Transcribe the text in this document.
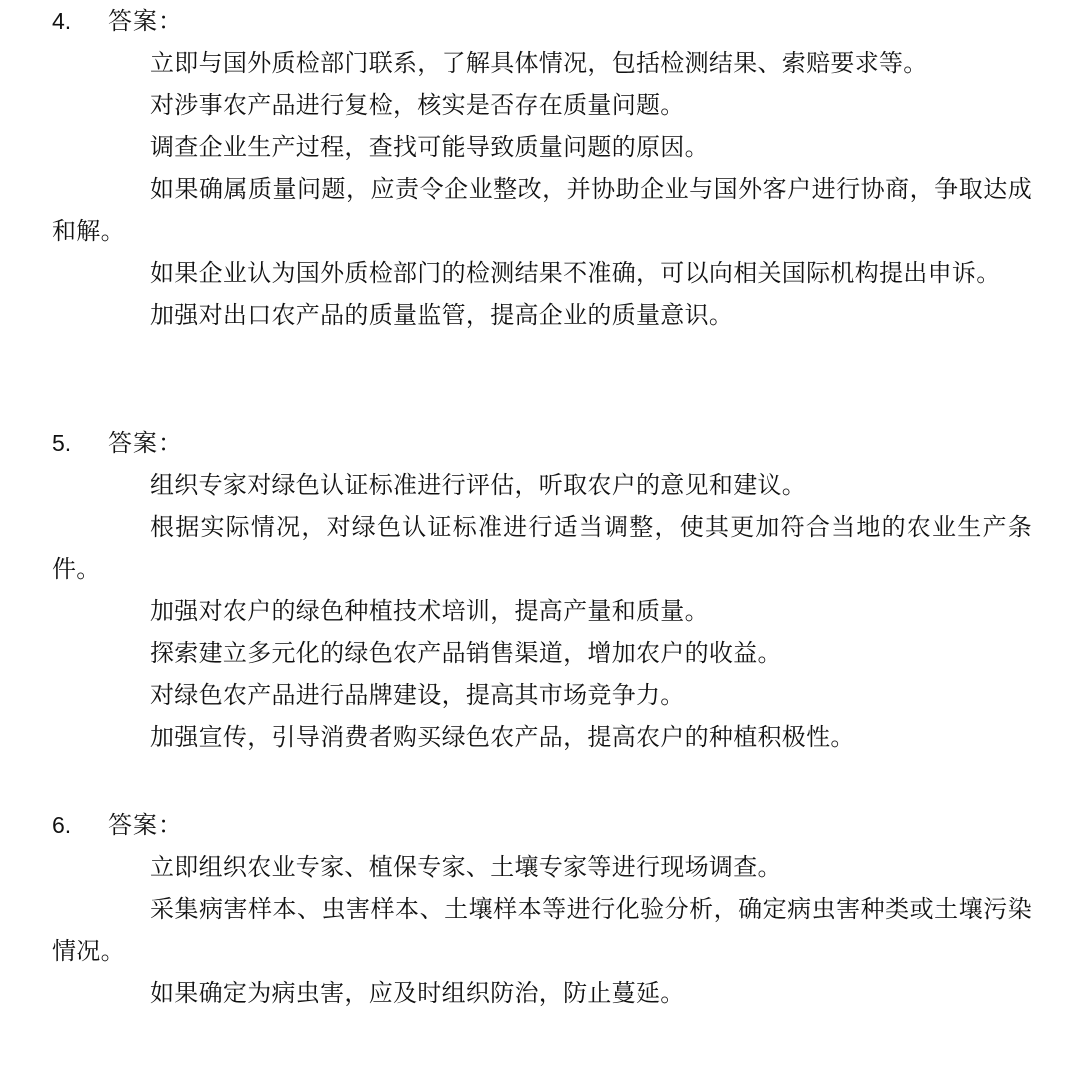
4.	答案：

立即与国外质检部门联系，了解具体情况，包括检测结果、索赔要求等。

对涉事农产品进行复检，核实是否存在质量问题。

调查企业生产过程，查找可能导致质量问题的原因。

如果确属质量问题，应责令企业整改，并协助企业与国外客户进行协商，争取达成和解。

如果企业认为国外质检部门的检测结果不准确，可以向相关国际机构提出申诉。

加强对出口农产品的质量监管，提高企业的质量意识。

5.	答案：

组织专家对绿色认证标准进行评估，听取农户的意见和建议。

根据实际情况，对绿色认证标准进行适当调整，使其更加符合当地的农业生产条件。

加强对农户的绿色种植技术培训，提高产量和质量。

探索建立多元化的绿色农产品销售渠道，增加农户的收益。

对绿色农产品进行品牌建设，提高其市场竞争力。

加强宣传，引导消费者购买绿色农产品，提高农户的种植积极性。

6.	答案：

立即组织农业专家、植保专家、土壤专家等进行现场调查。

采集病害样本、虫害样本、土壤样本等进行化验分析，确定病虫害种类或土壤污染情况。

如果确定为病虫害，应及时组织防治，防止蔓延。
